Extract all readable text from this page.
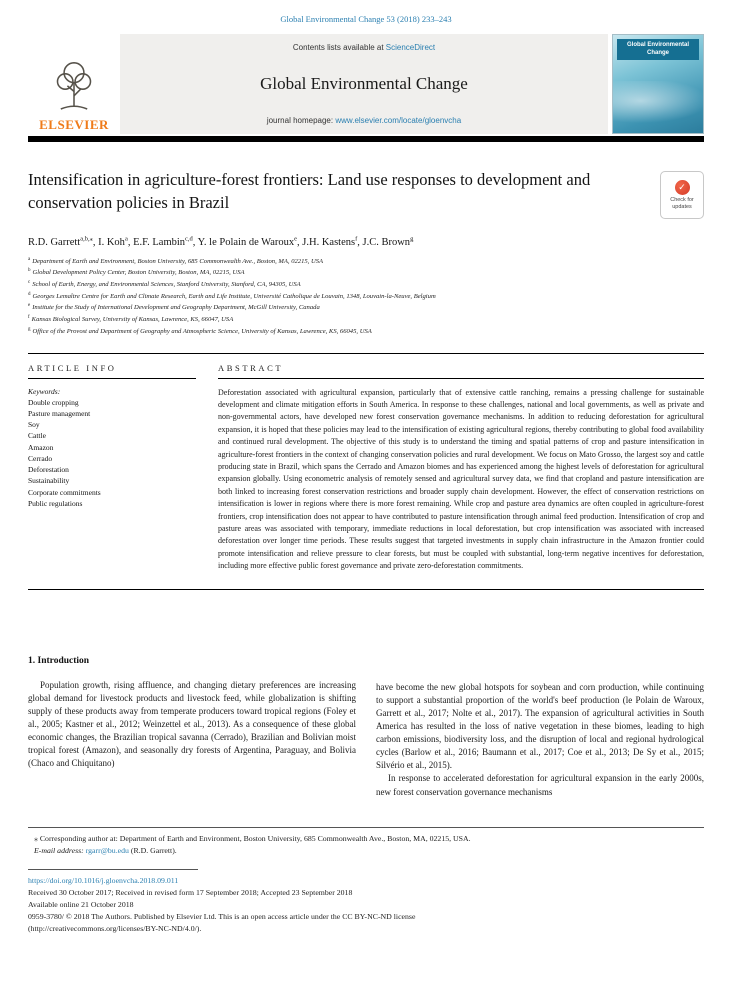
Global Environmental Change 53 (2018) 233–243
ELSEVIER
Contents lists available at ScienceDirect
Global Environmental Change
journal homepage: www.elsevier.com/locate/gloenvcha
Global Environmental Change
Intensification in agriculture-forest frontiers: Land use responses to development and conservation policies in Brazil
✓
Check for
updates
R.D. Garrett$^{a,b,⁎}$, I. Koh$^a$, E.F. Lambin$^{c,d}$, Y. le Polain de Waroux$^e$, J.H. Kastens$^f$, J.C. Brown$^g$
$^a$ Department of Earth and Environment, Boston University, 685 Commonwealth Ave., Boston, MA, 02215, USA
$^b$ Global Development Policy Center, Boston University, Boston, MA, 02215, USA
$^c$ School of Earth, Energy, and Environmental Sciences, Stanford University, Stanford, CA, 94305, USA
$^d$ Georges Lemaître Centre for Earth and Climate Research, Earth and Life Institute, Université Catholique de Louvain, 1348, Louvain-la-Neuve, Belgium
$^e$ Institute for the Study of International Development and Geography Department, McGill University, Canada
$^f$ Kansas Biological Survey, University of Kansas, Lawrence, KS, 66047, USA
$^g$ Office of the Provost and Department of Geography and Atmospheric Science, University of Kansas, Lawrence, KS, 66045, USA
ARTICLE INFO
Keywords:
Double cropping
Pasture management
Soy
Cattle
Amazon
Cerrado
Deforestation
Sustainability
Corporate commitments
Public regulations
ABSTRACT

Deforestation associated with agricultural expansion, particularly that of extensive cattle ranching, remains a pressing challenge for sustainable development and climate mitigation efforts in South America. In response to these challenges, national and local governments, as well as private and non-governmental actors, have developed new forest conservation governance mechanisms. In addition to reducing deforestation for agricultural expansion, it is hoped that these policies may lead to the intensification of existing agricultural regions, thereby contributing to global food availability and continued rural development. The objective of this study is to understand the timing and spatial patterns of crop and pasture intensification in agriculture-forest frontiers in the context of changing conservation policies and rural development. We focus on Mato Grosso, the largest soy and cattle producing state in Brazil, which spans the Cerrado and Amazon biomes and has experienced among the highest levels of deforestation for agricultural expansion globally. Using econometric analysis of remotely sensed and agricultural survey data, we find that cropland and pasture intensification are both linked to increasing forest conservation restrictions and broader supply chain development. However, the effect of conservation restrictions on intensification is lower in regions where there is more forest remaining. While crop and pasture area dynamics are often coupled in agriculture-forest frontiers, crop intensification does not appear to have contributed to pasture intensification through animal feed production. Intensification of crop and pasture areas was associated with temporary, immediate reductions in local deforestation, but crop intensification was associated with increased deforestation over longer time periods. These results suggest that targeted investments in supply chain infrastructure in the Amazon frontier could promote intensification and relieve pressure to clear forests, but must be coupled with substantial, long-term negative incentives for deforestation, including more effective public forest governance and private zero-deforestation commitments.

1. Introduction

Population growth, rising affluence, and changing dietary preferences are increasing global demand for livestock products and livestock feed, while globalization is shifting supply of these products away from temperate producers toward tropical regions (Foley et al., 2005; Kastner et al., 2012; Weinzettel et al., 2013). As a consequence of these global economic changes, the Brazilian tropical savanna (Cerrado), Brazilian and Bolivian moist tropical forest (Amazon), and seasonally dry forests of Argentina, Paraguay, and Bolivia (Chaco and Chiquitano)

have become the new global hotspots for soybean and corn production, while continuing to support a substantial proportion of the world's beef production (le Polain de Waroux, Garrett et al., 2017; Nolte et al., 2017). The expansion of agricultural activities in South America has resulted in the loss of native vegetation in these biomes, leading to high carbon emissions, biodiversity loss, and the disruption of local and regional hydrological cycles (Barlow et al., 2016; Baumann et al., 2017; Coe et al., 2013; De Sy et al., 2015; Silvério et al., 2015).

In response to accelerated deforestation for agricultural expansion in the early 2000s, new forest conservation governance mechanisms

⁎ Corresponding author at: Department of Earth and Environment, Boston University, 685 Commonwealth Ave., Boston, MA, 02215, USA.
E-mail address: rgarr@bu.edu (R.D. Garrett).
https://doi.org/10.1016/j.gloenvcha.2018.09.011
Received 30 October 2017; Received in revised form 17 September 2018; Accepted 23 September 2018
Available online 21 October 2018
0959-3780/ © 2018 The Authors. Published by Elsevier Ltd. This is an open access article under the CC BY-NC-ND license
(http://creativecommons.org/licenses/BY-NC-ND/4.0/).
